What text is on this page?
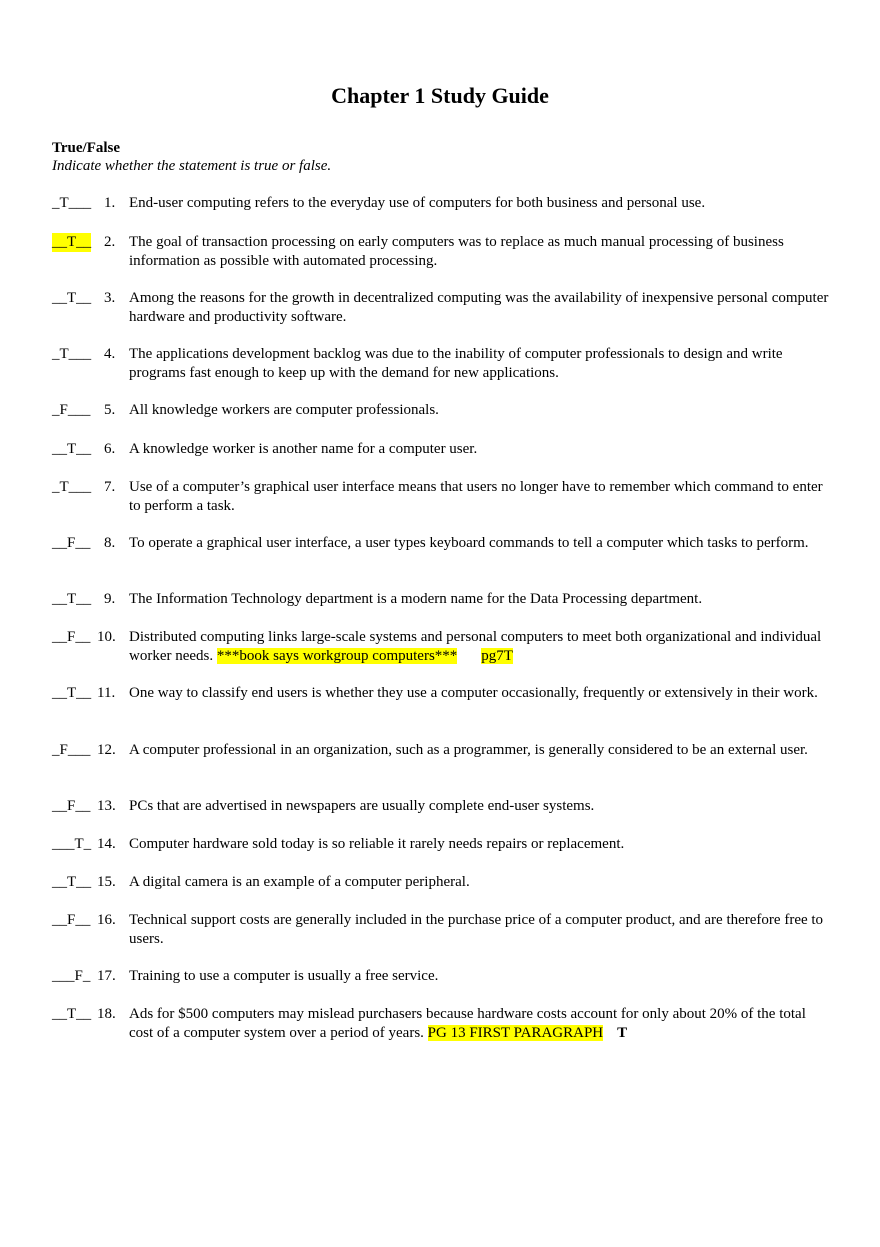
Chapter 1 Study Guide
True/False
Indicate whether the statement is true or false.
_T___ 1. End-user computing refers to the everyday use of computers for both business and personal use.
__T__ 2. The goal of transaction processing on early computers was to replace as much manual processing of business information as possible with automated processing.
__T__ 3. Among the reasons for the growth in decentralized computing was the availability of inexpensive personal computer hardware and productivity software.
_T___ 4. The applications development backlog was due to the inability of computer professionals to design and write programs fast enough to keep up with the demand for new applications.
_F___ 5. All knowledge workers are computer professionals.
__T__ 6. A knowledge worker is another name for a computer user.
_T___ 7. Use of a computer’s graphical user interface means that users no longer have to remember which command to enter to perform a task.
__F__ 8. To operate a graphical user interface, a user types keyboard commands to tell a computer which tasks to perform.
__T__ 9. The Information Technology department is a modern name for the Data Processing department.
__F__ 10. Distributed computing links large-scale systems and personal computers to meet both organizational and individual worker needs. ***book says workgroup computers*** pg7T
__T__ 11. One way to classify end users is whether they use a computer occasionally, frequently or extensively in their work.
_F___ 12. A computer professional in an organization, such as a programmer, is generally considered to be an external user.
__F__ 13. PCs that are advertised in newspapers are usually complete end-user systems.
___T_ 14. Computer hardware sold today is so reliable it rarely needs repairs or replacement.
__T__ 15. A digital camera is an example of a computer peripheral.
__F__ 16. Technical support costs are generally included in the purchase price of a computer product, and are therefore free to users.
___F_ 17. Training to use a computer is usually a free service.
__T__ 18. Ads for $500 computers may mislead purchasers because hardware costs account for only about 20% of the total cost of a computer system over a period of years. PG 13 FIRST PARAGRAPH T
